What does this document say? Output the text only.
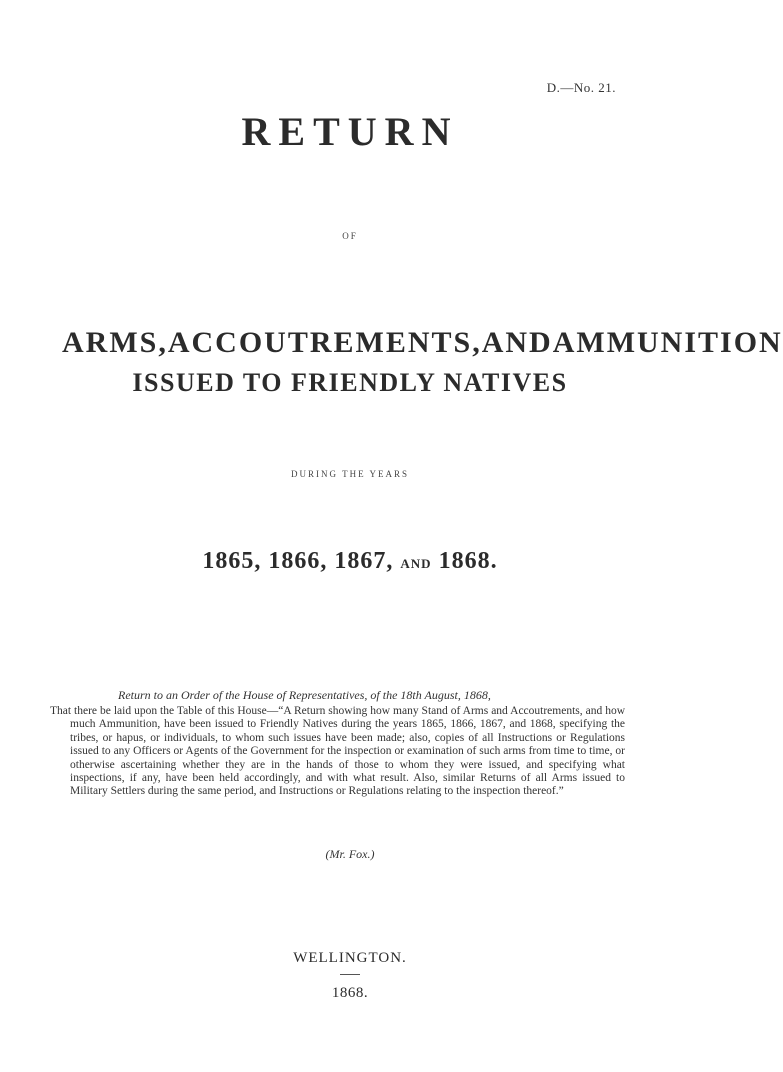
D.—No. 21.
RETURN
OF
ARMS, ACCOUTREMENTS, AND AMMUNITION
ISSUED TO FRIENDLY NATIVES
DURING THE YEARS
1865, 1866, 1867, AND 1868.
Return to an Order of the House of Representatives, of the 18th August, 1868,
That there be laid upon the Table of this House—“A Return showing how many Stand of Arms and Accoutrements, and how much Ammunition, have been issued to Friendly Natives during the years 1865, 1866, 1867, and 1868, specifying the tribes, or hapus, or individuals, to whom such issues have been made; also, copies of all Instructions or Regulations issued to any Officers or Agents of the Government for the inspection or examination of such arms from time to time, or otherwise ascertaining whether they are in the hands of those to whom they were issued, and specifying what inspections, if any, have been held accordingly, and with what result. Also, similar Returns of all Arms issued to Military Settlers during the same period, and Instructions or Regulations relating to the inspection thereof.”
(Mr. Fox.)
WELLINGTON.
1868.
